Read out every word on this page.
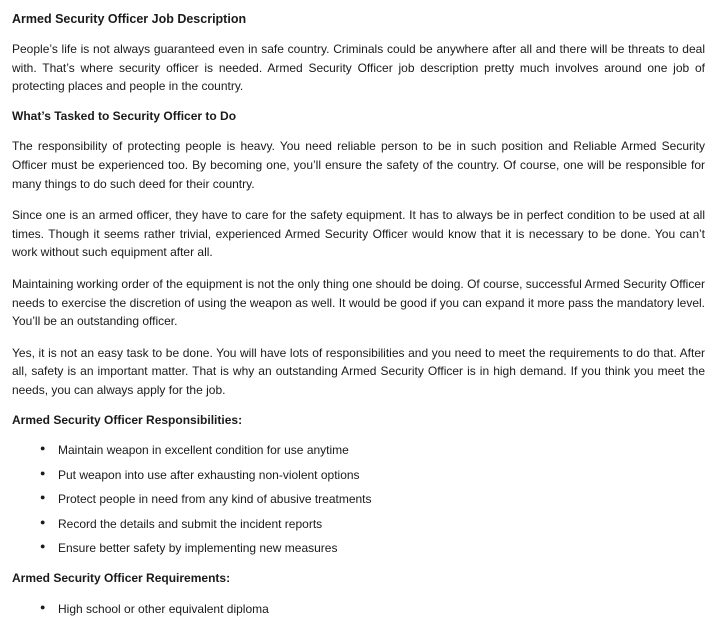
Armed Security Officer Job Description

People’s life is not always guaranteed even in safe country. Criminals could be anywhere after all and there will be threats to deal with. That’s where security officer is needed. Armed Security Officer job description pretty much involves around one job of protecting places and people in the country.

What’s Tasked to Security Officer to Do

The responsibility of protecting people is heavy. You need reliable person to be in such position and Reliable Armed Security Officer must be experienced too. By becoming one, you’ll ensure the safety of the country. Of course, one will be responsible for many things to do such deed for their country.

Since one is an armed officer, they have to care for the safety equipment. It has to always be in perfect condition to be used at all times. Though it seems rather trivial, experienced Armed Security Officer would know that it is necessary to be done. You can’t work without such equipment after all.

Maintaining working order of the equipment is not the only thing one should be doing. Of course, successful Armed Security Officer needs to exercise the discretion of using the weapon as well. It would be good if you can expand it more pass the mandatory level. You’ll be an outstanding officer.

Yes, it is not an easy task to be done. You will have lots of responsibilities and you need to meet the requirements to do that. After all, safety is an important matter. That is why an outstanding Armed Security Officer is in high demand. If you think you meet the needs, you can always apply for the job.

Armed Security Officer Responsibilities:

● Maintain weapon in excellent condition for use anytime
● Put weapon into use after exhausting non-violent options
● Protect people in need from any kind of abusive treatments
● Record the details and submit the incident reports
● Ensure better safety by implementing new measures

Armed Security Officer Requirements:

● High school or other equivalent diploma
